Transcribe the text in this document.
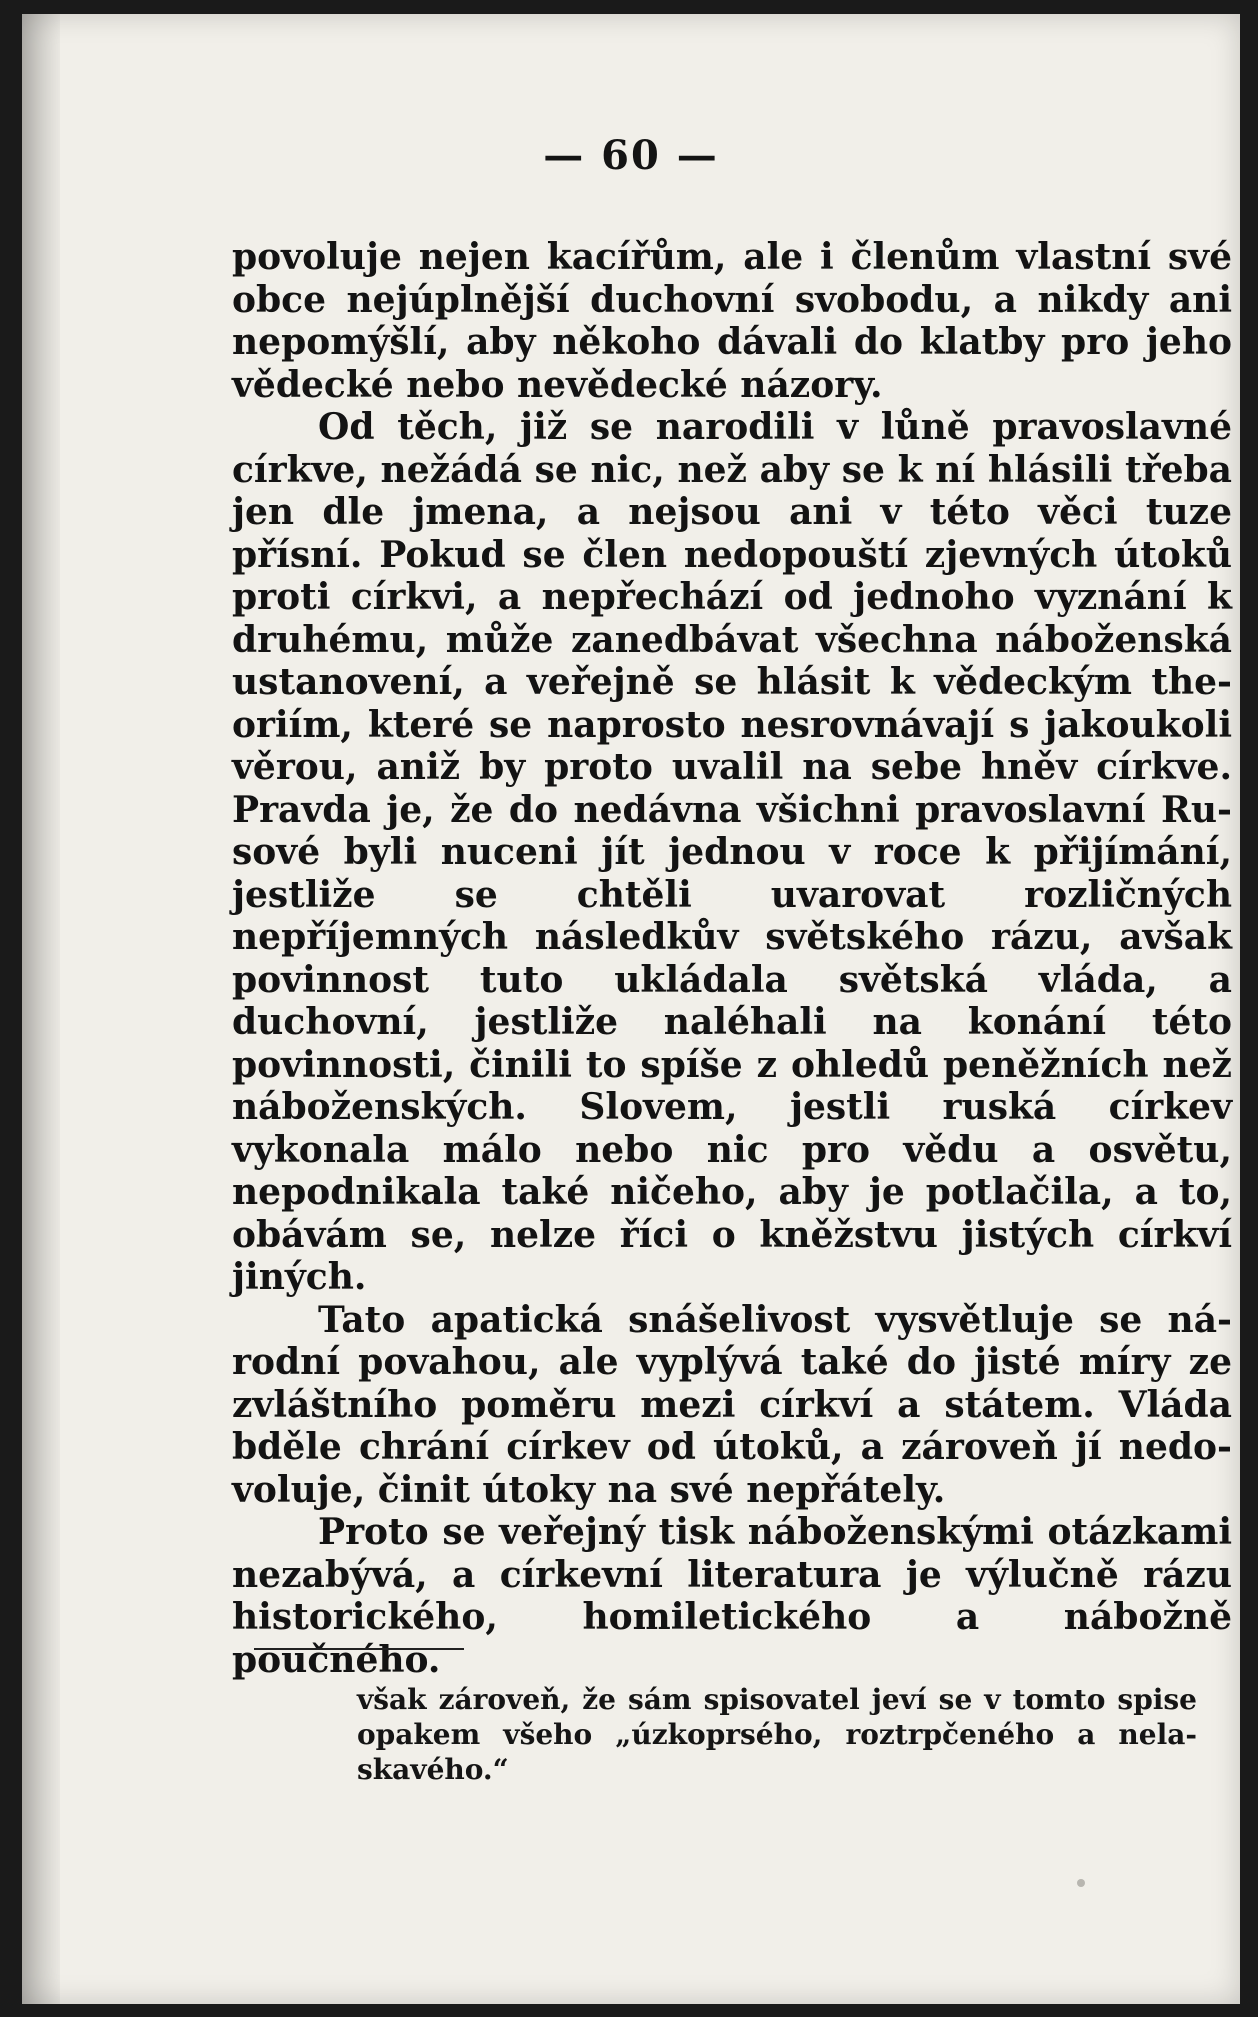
— 60 —

povoluje nejen kacířům, ale i členům vlastní své obce nejúplnější duchovní svobodu, a nikdy ani nepomýšlí, aby někoho dávali do klatby pro jeho vědecké nebo nevědecké názory.

Od těch, již se narodili v lůně pravoslavné církve, nežádá se nic, než aby se k ní hlásili třeba jen dle jmena, a nejsou ani v této věci tuze přísní. Pokud se člen nedopouští zjevných útoků proti církvi, a nepřechází od jednoho vyznání k druhému, může zanedbávat všechna náboženská ustanovení, a veřejně se hlásit k vědeckým theoriím, které se naprosto nesrovnávají s jakoukoli věrou, aniž by proto uvalil na sebe hněv církve. Pravda je, že do nedávna všichni pravoslavní Rusové byli nuceni jít jednou v roce k přijímání, jestliže se chtěli uvarovat rozličných nepříjemných následkův světského rázu, avšak povinnost tuto ukládala světská vláda, a duchovní, jestliže naléhali na konání této povinnosti, činili to spíše z ohledů peněžních než náboženských. Slovem, jestli ruská církev vykonala málo nebo nic pro vědu a osvětu, nepodnikala také ničeho, aby je potlačila, a to, obávám se, nelze říci o kněžstvu jistých církví jiných.

Tato apatická snášelivost vysvětluje se národní povahou, ale vyplývá také do jisté míry ze zvláštního poměru mezi církví a státem. Vláda bděle chrání církev od útoků, a zároveň jí nedovoluje, činit útoky na své nepřátely.

Proto se veřejný tisk náboženskými otázkami nezabývá, a církevní literatura je výlučně rázu historického, homiletického a nábožně poučného.

však zároveň, že sám spisovatel jeví se v tomto spise opakem všeho „úzkoprsého, roztrpčeného a nelaskavého.“
